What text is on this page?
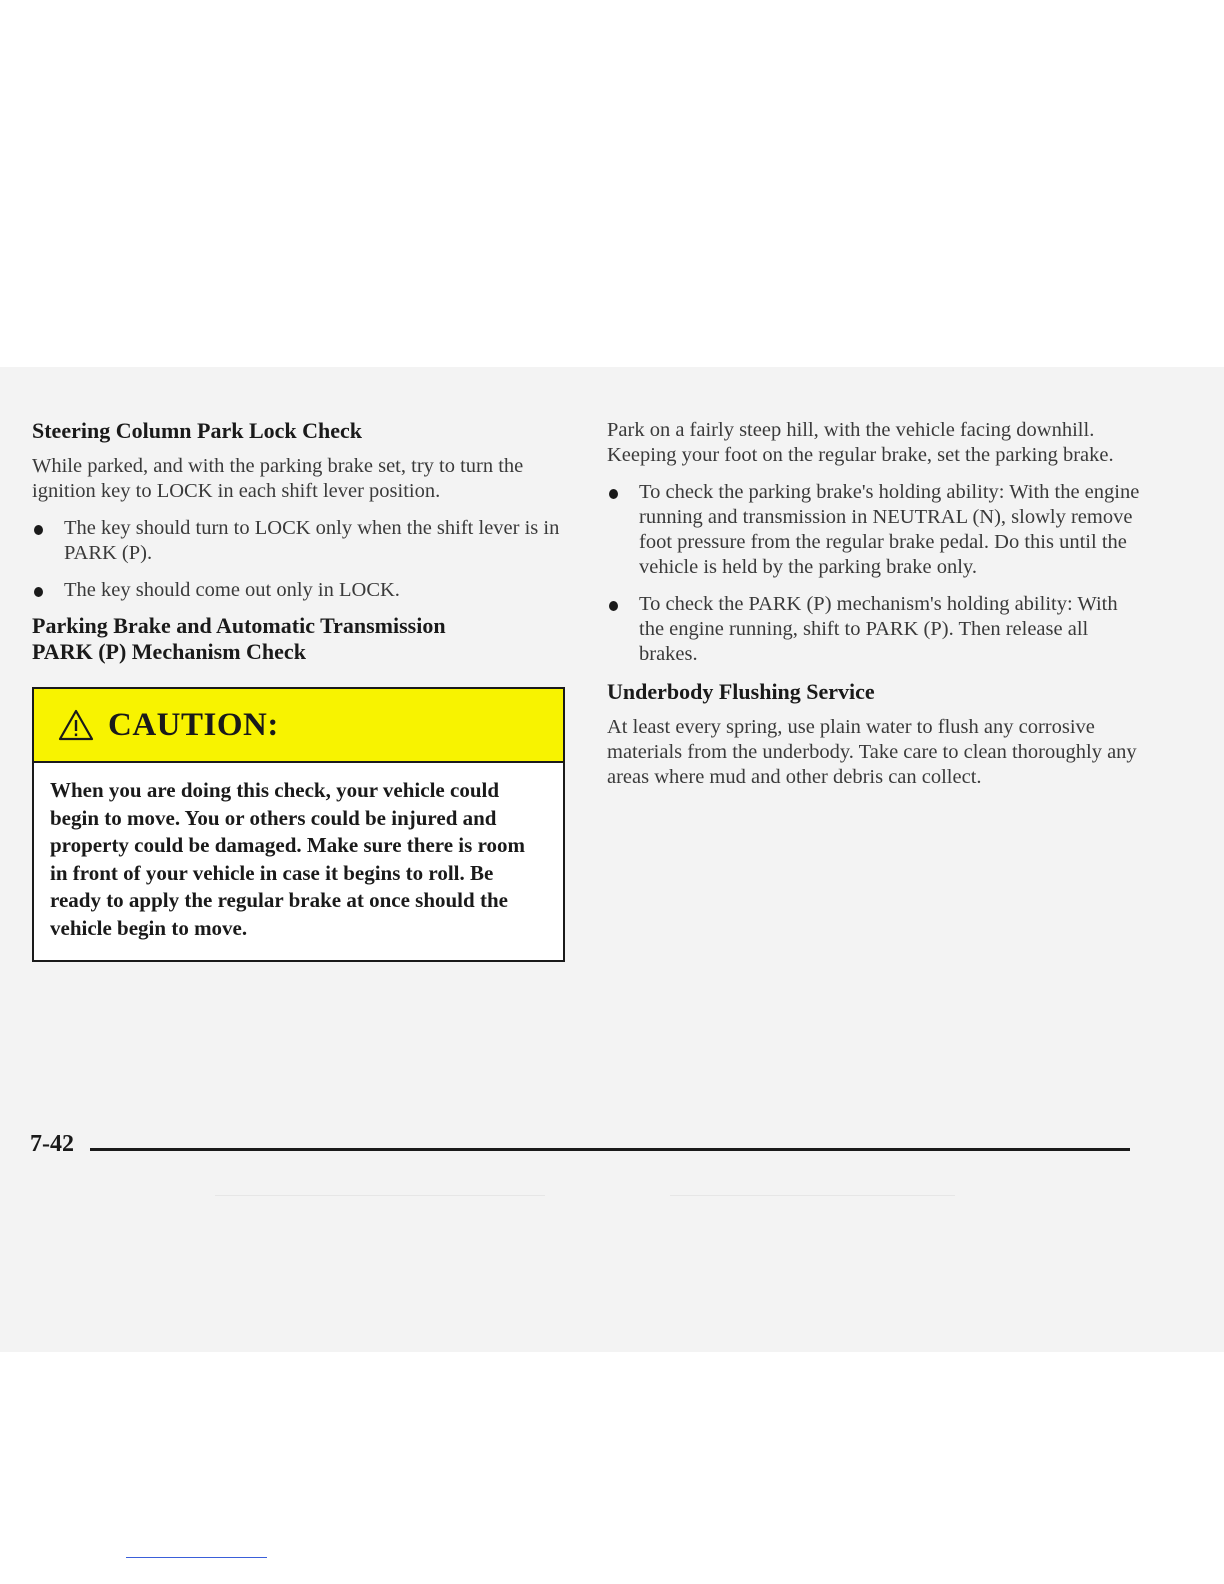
Steering Column Park Lock Check

While parked, and with the parking brake set, try to turn the ignition key to LOCK in each shift lever position.

The key should turn to LOCK only when the shift lever is in PARK (P).
The key should come out only in LOCK.
Parking Brake and Automatic Transmission
PARK (P) Mechanism Check
CAUTION:
When you are doing this check, your vehicle could begin to move. You or others could be injured and property could be damaged. Make sure there is room in front of your vehicle in case it begins to roll. Be ready to apply the regular brake at once should the vehicle begin to move.

Park on a fairly steep hill, with the vehicle facing downhill. Keeping your foot on the regular brake, set the parking brake.

To check the parking brake's holding ability: With the engine running and transmission in NEUTRAL (N), slowly remove foot pressure from the regular brake pedal. Do this until the vehicle is held by the parking brake only.
To check the PARK (P) mechanism's holding ability: With the engine running, shift to PARK (P). Then release all brakes.
Underbody Flushing Service

At least every spring, use plain water to flush any corrosive materials from the underbody. Take care to clean thoroughly any areas where mud and other debris can collect.

7-42
